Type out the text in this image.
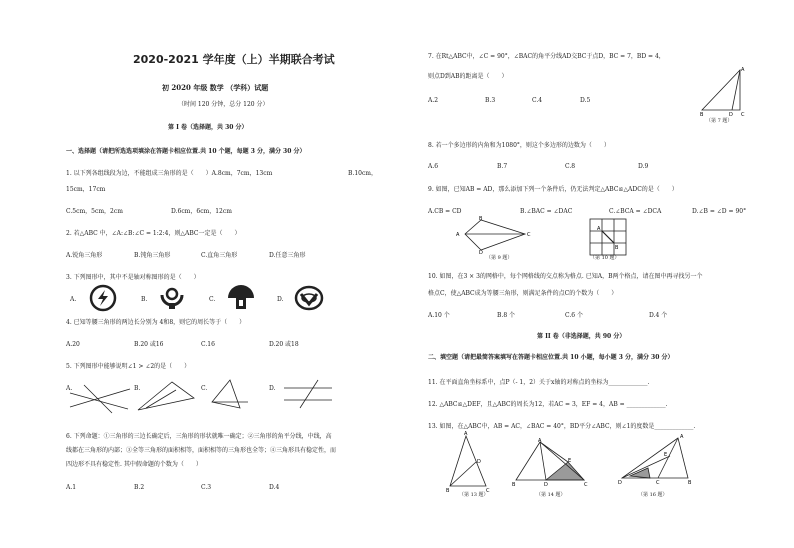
2020-2021 学年度（上）半期联合考试
初 2020 年级 数学 （学科）试题
（时间 120 分钟，总分 120 分）
第 I 卷（选择题，共 30 分）
一、选择题（请把所选选项填涂在答题卡相应位置.共 10 个题，每题 3 分，满分 30 分）
1. 以下列各组线段为边，不能组成三角形的是（　　）A.8cm，7cm，13cm	B.10cm，
15cm，17cm
C.5cm，5cm，2cm	D.6cm，6cm，12cm
2. 若△ABC 中，∠A:∠B:∠C = 1:2:4，则△ABC一定是（　　）
A.锐角三角形	B.钝角三角形	C.直角三角形	D.任意三角形
3. 下列图形中，其中不是轴对称图形的是（　　）
A.	B.	C.	D.
4. 已知等腰三角形的两边长分别为 4和8，则它的周长等于（　　）
A.20	B.20 或16	C.16	D.20 或18
5. 下列图形中能够说明∠1 > ∠2的是（　　）
A.	B.	C.	D.
6. 下列命题：①三角形的三边长确定后，三角形的形状就唯一确定；②三角形的角平分线，中线，高
线都在三角形的内部；③全等三角形的面积相等，面积相等的三角形也全等；④三角形具有稳定性，而
四边形不具有稳定性. 其中假命题的个数为（　　）
A.1	B.2	C.3	D.4
7. 在Rt△ABC中，∠C = 90°，∠BAC的角平分线AD交BC于点D，BC = 7，BD = 4，
则点D到AB的距离是（　　）
A.2	B.3	C.4	D.5
A
B	D C
（第 7 题）
8. 若一个多边形的内角和为1080°，则这个多边形的边数为（　　）
A.6	B.7	C.8	D.9
9. 如图，已知AB = AD，那么添加下列一个条件后，仍无法判定△ABC≌△ADC的是（　　）
A.CB = CD	B.∠BAC = ∠DAC	C.∠BCA = ∠DCA	D.∠B = ∠D = 90°
A
B
C
D
（第 9 题）
A
B
（第 10 题）
10. 如图，在3 × 3的网格中，每个网格线的交点称为格点. 已知A，B两个格点，请在图中再寻找另一个
格点C，使△ABC成为等腰三角形，则满足条件的点C的个数为（　　）
A.10 个	B.8 个	C.6 个	D.4 个
第 II 卷（非选择题，共 90 分）
二、填空题（请把最简答案填写在答题卡相应位置.共 10 小题，每小题 3 分，满分 30 分）
11. 在平面直角坐标系中，点P（- 1，2）关于x轴的对称点的坐标为_____________.
12. △ABC≌△DEF，且△ABC的周长为12，若AC = 3，EF = 4，AB = _____________.
13. 如图，在△ABC中，AB = AC，∠BAC = 40°，BD平分∠ABC，则∠1的度数是_____________.
A
D
B	C
（第 13 题）
A
E
B	D	C
（第 14 题）
A
E
D	C	B
（第 16 题）
